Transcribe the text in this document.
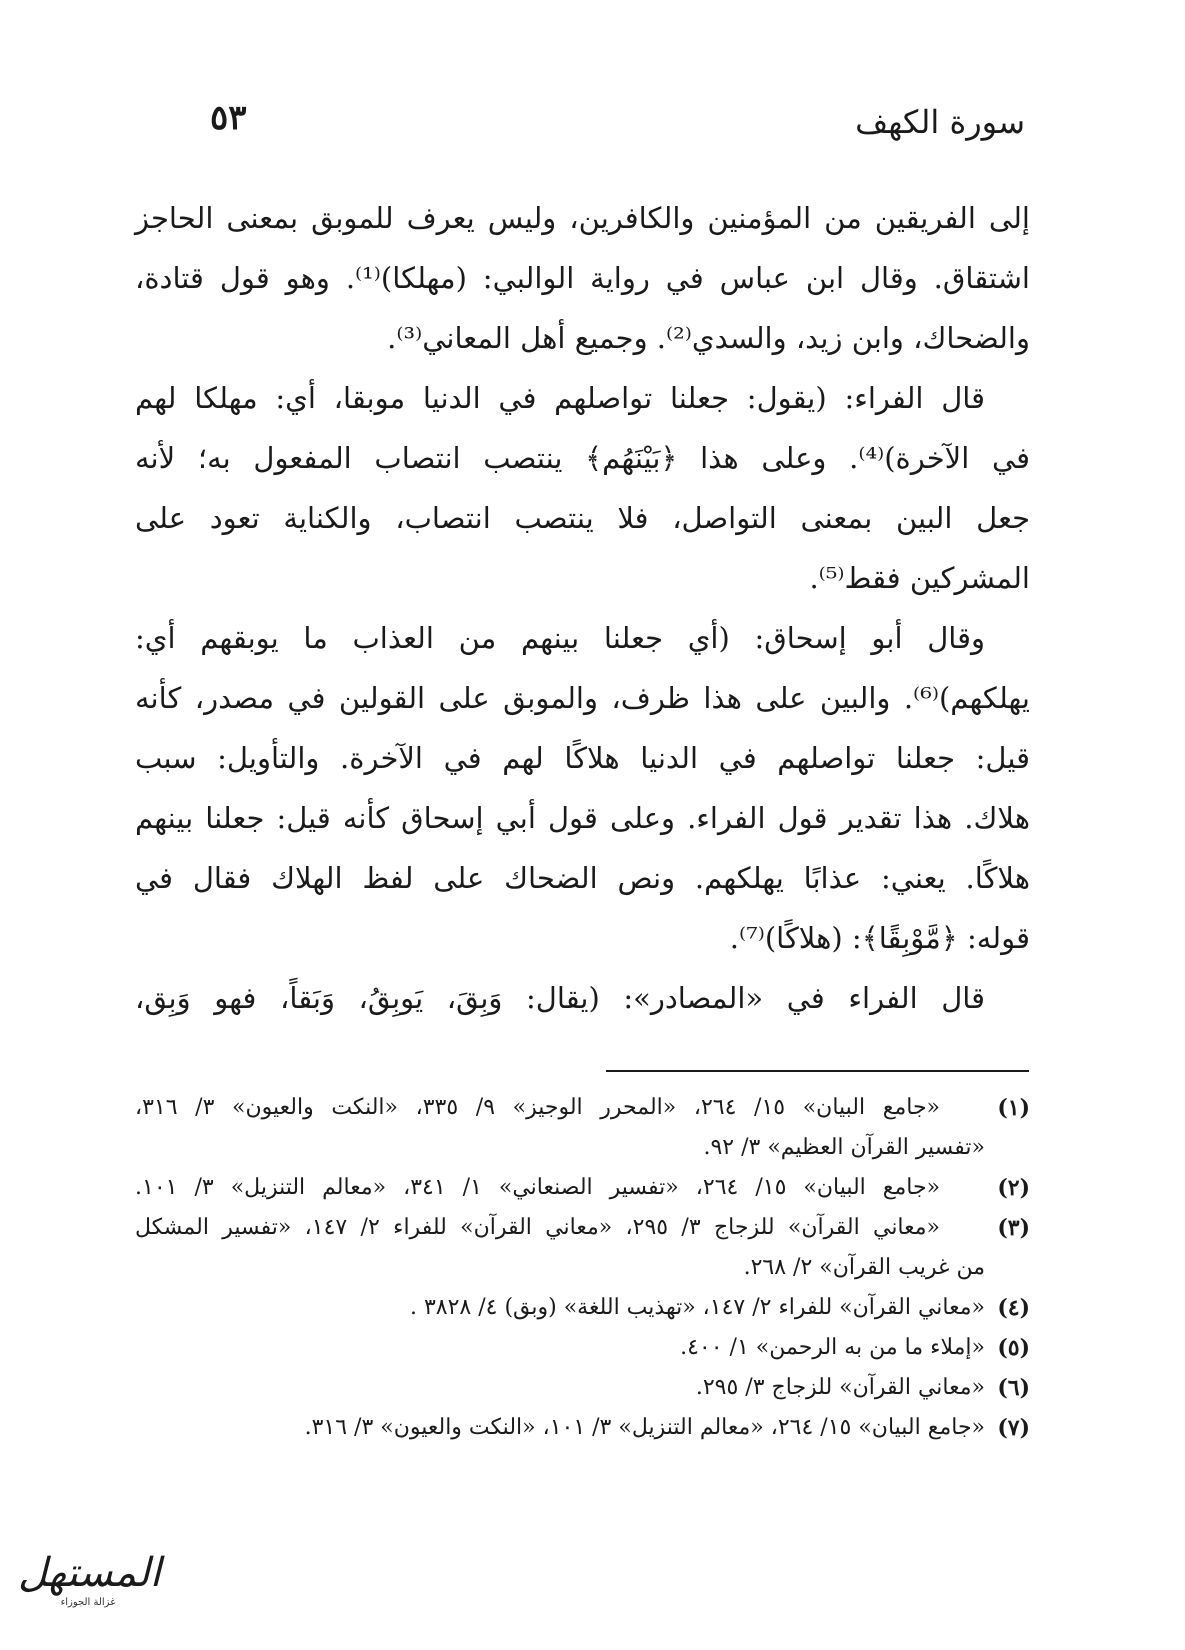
سورة الكهف
٥٣
إلى الفريقين من المؤمنين والكافرين، وليس يعرف للموبق بمعنى الحاجز
اشتقاق. وقال ابن عباس في رواية الوالبي: (مهلكا)⁽¹⁾. وهو قول قتادة،
والضحاك، وابن زيد، والسدي⁽²⁾. وجميع أهل المعاني⁽³⁾.
قال الفراء: (يقول: جعلنا تواصلهم في الدنيا موبقا، أي: مهلكا لهم
في الآخرة)⁽⁴⁾. وعلى هذا ﴿بَيْنَهُم﴾ ينتصب انتصاب المفعول به؛ لأنه
جعل البين بمعنى التواصل، فلا ينتصب انتصاب، والكناية تعود على
المشركين فقط⁽⁵⁾.
وقال أبو إسحاق: (أي جعلنا بينهم من العذاب ما يوبقهم أي:
يهلكهم)⁽⁶⁾. والبين على هذا ظرف، والموبق على القولين في مصدر، كأنه
قيل: جعلنا تواصلهم في الدنيا هلاكًا لهم في الآخرة. والتأويل: سبب
هلاك. هذا تقدير قول الفراء. وعلى قول أبي إسحاق كأنه قيل: جعلنا بينهم
هلاكًا. يعني: عذابًا يهلكهم. ونص الضحاك على لفظ الهلاك فقال في
قوله: ﴿مَّوْبِقًا﴾: (هلاكًا)⁽⁷⁾.
قال الفراء في «المصادر»: (يقال: وَبِقَ، يَوبِقُ، وَبَقاً، فهو وَبِق،
(١)
«جامع البيان» ١٥/ ٢٦٤، «المحرر الوجيز» ٩/ ٣٣٥، «النكت والعيون» ٣/ ٣١٦،
«تفسير القرآن العظيم» ٣/ ٩٢.
(٢)
«جامع البيان» ١٥/ ٢٦٤، «تفسير الصنعاني» ١/ ٣٤١، «معالم التنزيل» ٣/ ١٠١.
(٣)
«معاني القرآن» للزجاج ٣/ ٢٩٥، «معاني القرآن» للفراء ٢/ ١٤٧، «تفسير المشكل
من غريب القرآن» ٢/ ٢٦٨.
(٤)
«معاني القرآن» للفراء ٢/ ١٤٧، «تهذيب اللغة» (وبق) ٤/ ٣٨٢٨ .
(٥)
«إملاء ما من به الرحمن» ١/ ٤٠٠.
(٦)
«معاني القرآن» للزجاج ٣/ ٢٩٥.
(٧)
«جامع البيان» ١٥/ ٢٦٤، «معالم التنزيل» ٣/ ١٠١، «النكت والعيون» ٣/ ٣١٦.
المستهل
غزالة الجوزاء
